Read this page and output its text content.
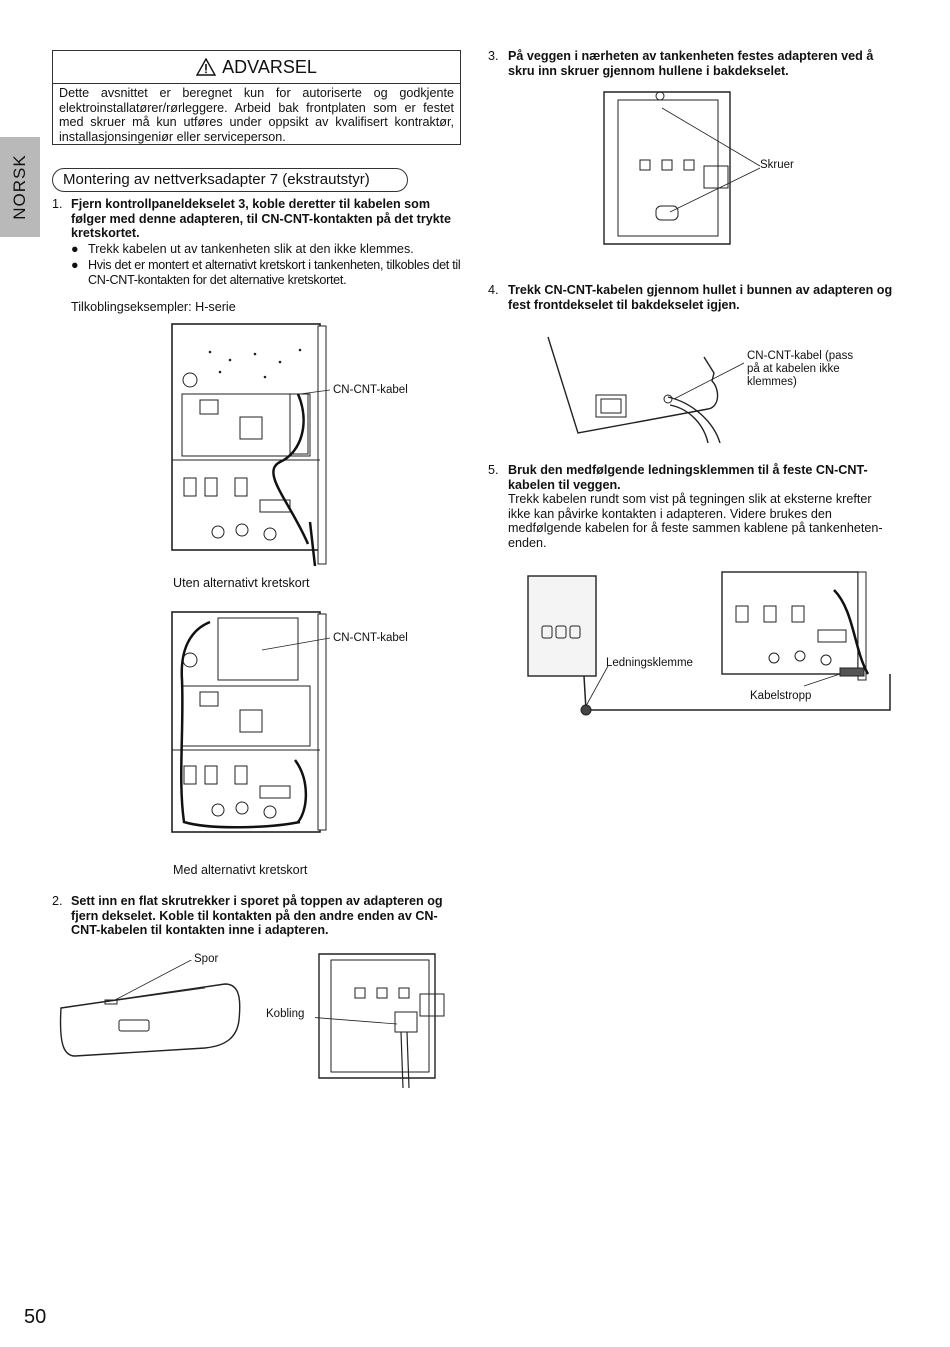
NORSK
ADVARSEL
Dette avsnittet er beregnet kun for autoriserte og godkjente elektroinstallatører/rørleggere. Arbeid bak frontplaten som er festet med skruer må kun utføres under oppsikt av kvalifisert kontraktør, installasjonsingeniør eller serviceperson.
Montering av nettverksadapter 7 (ekstrautstyr)
1. Fjern kontrollpaneldekselet 3, koble deretter til kabelen som følger med denne adapteren, til CN-CNT-kontakten på det trykte kretskortet.
● Trekk kabelen ut av tankenheten slik at den ikke klemmes.
● Hvis det er montert et alternativt kretskort i tankenheten, tilkobles det til CN-CNT-kontakten for det alternative kretskortet.
Tilkoblingseksempler: H-serie
CN-CNT-kabel
Uten alternativt kretskort
CN-CNT-kabel
Med alternativt kretskort
2. Sett inn en flat skrutrekker i sporet på toppen av adapteren og fjern dekselet. Koble til kontakten på den andre enden av CN-CNT-kabelen til kontakten inne i adapteren.
Spor
Kobling
3. På veggen i nærheten av tankenheten festes adapteren ved å skru inn skruer gjennom hullene i bakdekselet.
Skruer
4. Trekk CN-CNT-kabelen gjennom hullet i bunnen av adapteren og fest frontdekselet til bakdekselet igjen.
CN-CNT-kabel (pass på at kabelen ikke klemmes)
5. Bruk den medfølgende ledningsklemmen til å feste CN-CNT-kabelen til veggen.
Trekk kabelen rundt som vist på tegningen slik at eksterne krefter ikke kan påvirke kontakten i adapteren. Videre brukes den medfølgende kabelen for å feste sammen kablene på tankenheten-enden.
Ledningsklemme
Kabelstropp
50
